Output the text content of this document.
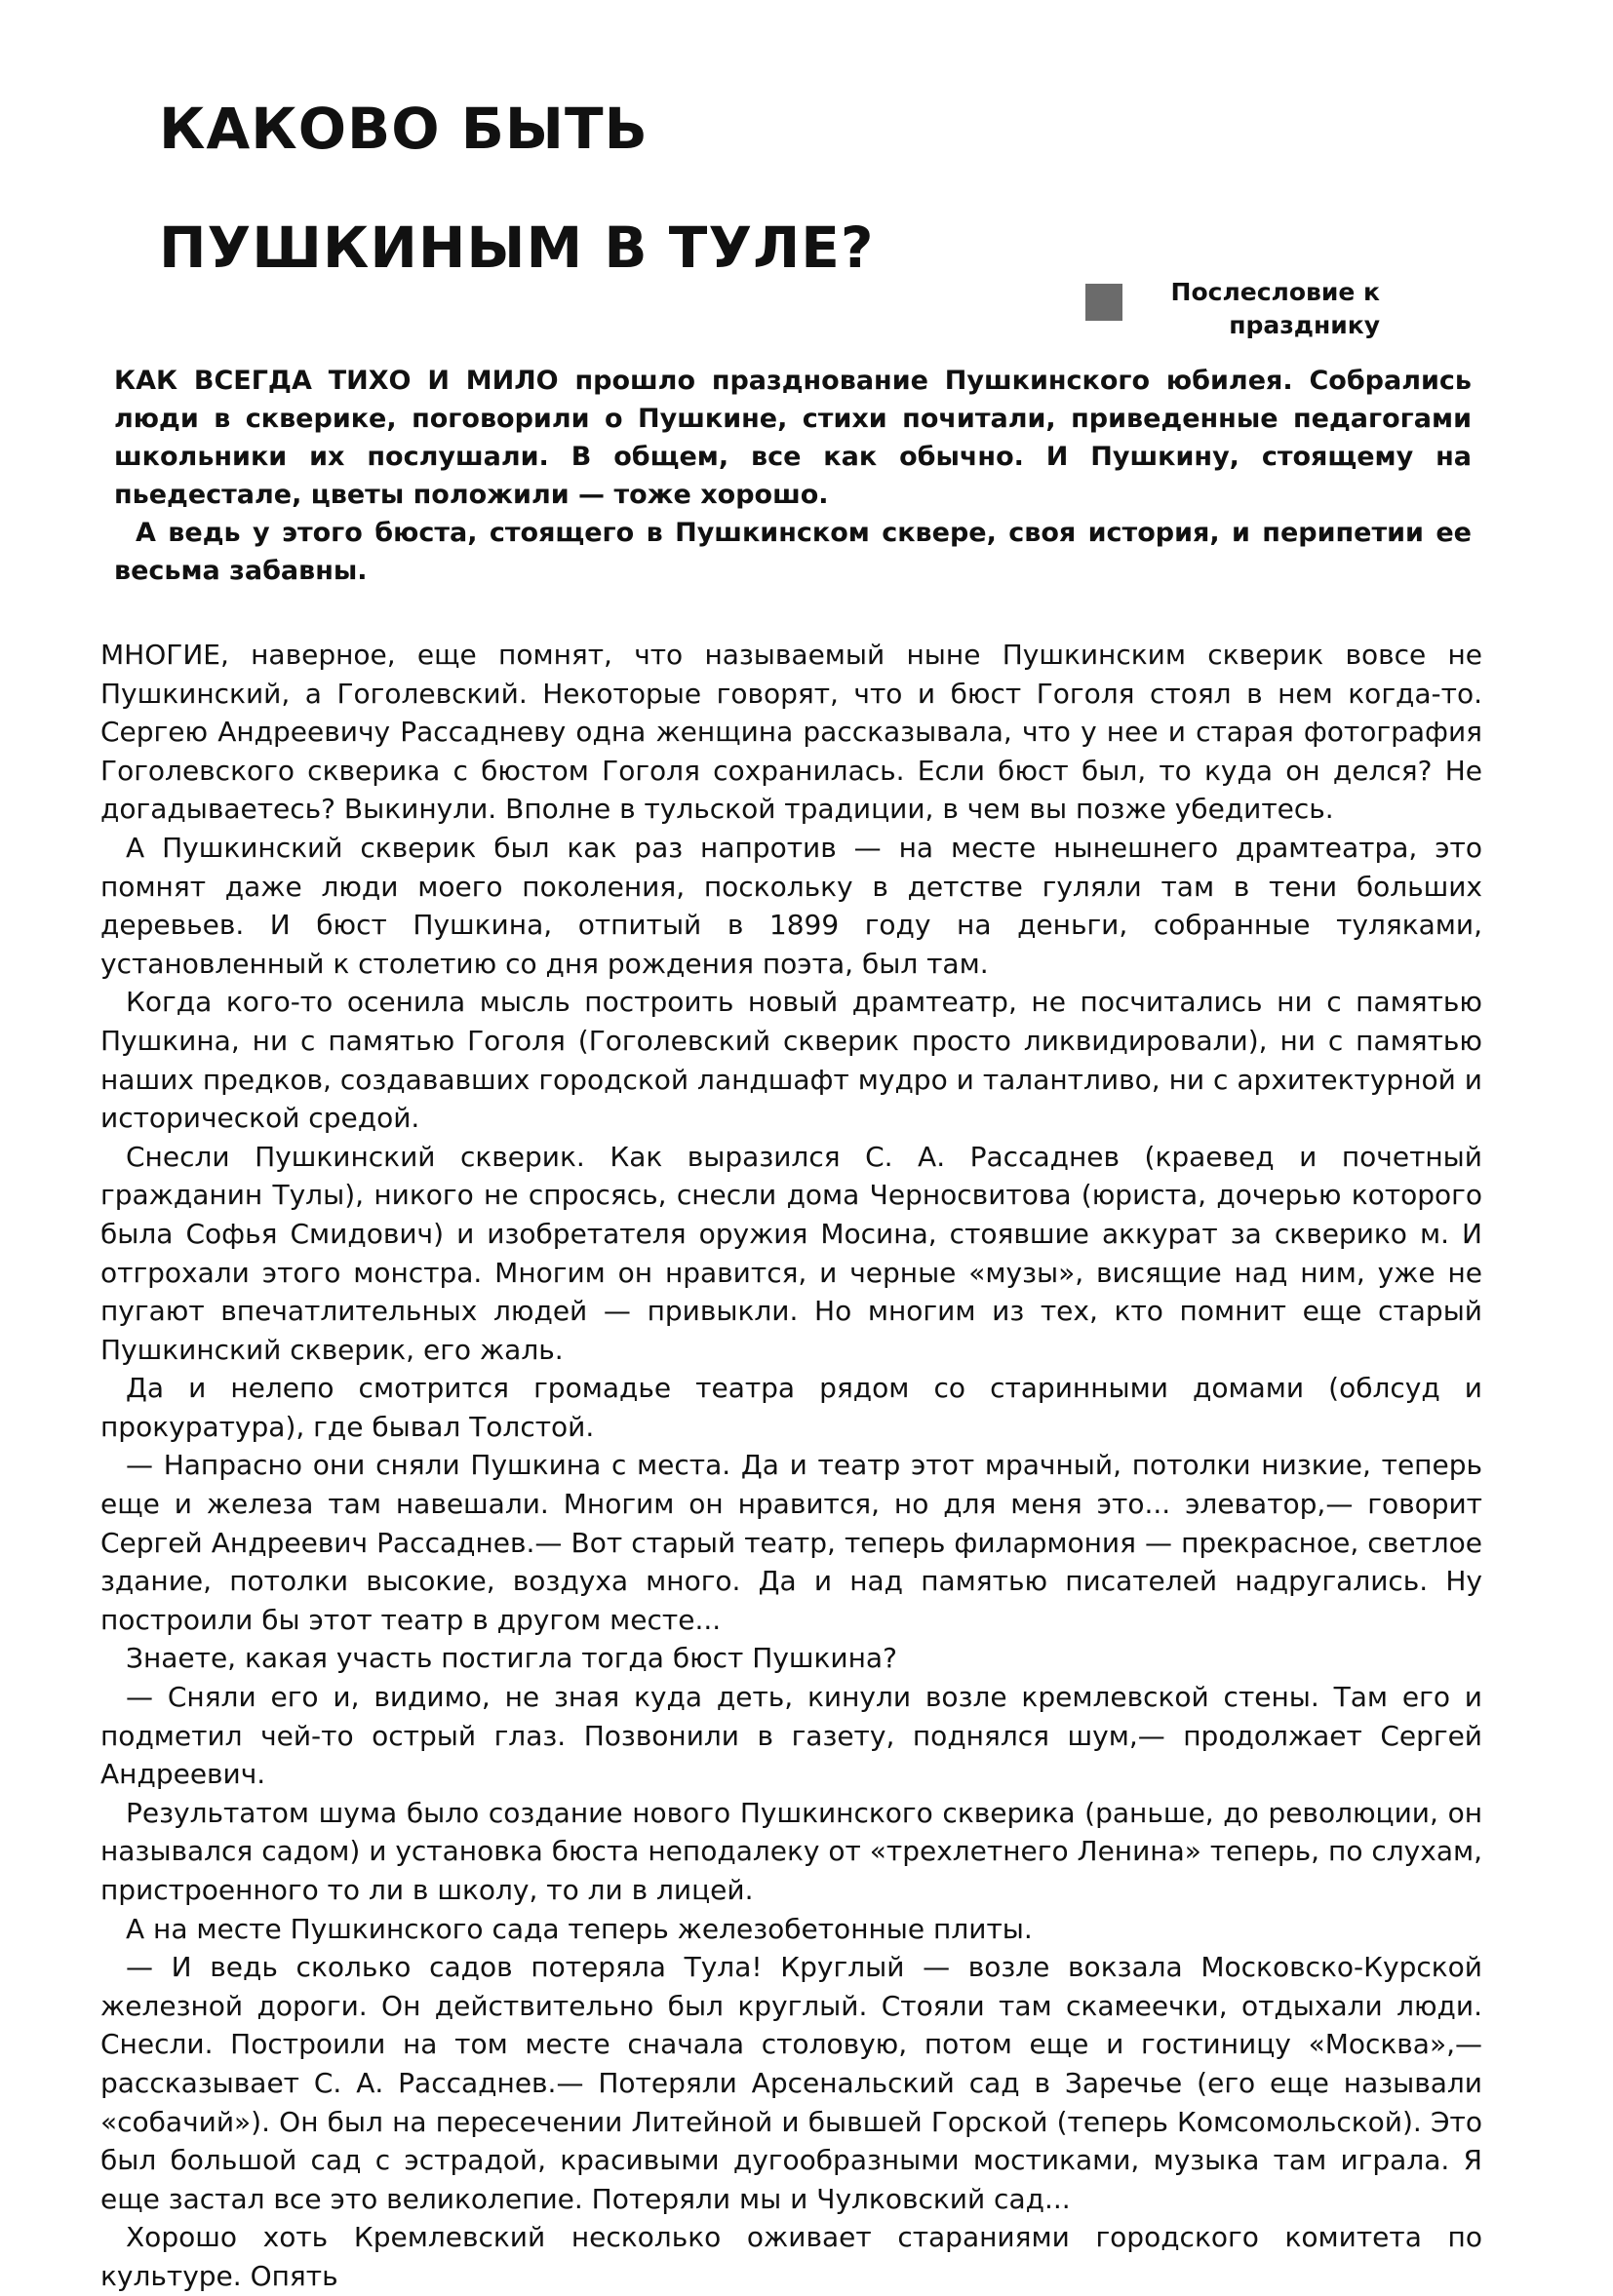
КАКОВО БЫТЬ
ПУШКИНЫМ В ТУЛЕ?
Послесловие к празднику

КАК ВСЕГДА ТИХО И МИЛО прошло празднование Пушкинского юбилея. Собрались люди в скверике, поговорили о Пушкине, стихи почитали, приведенные педагогами школьники их послушали. В общем, все как обычно. И Пушкину, стоящему на пьедестале, цветы положили — тоже хорошо.

А ведь у этого бюста, стоящего в Пушкинском сквере, своя история, и перипетии ее весьма забавны.

МНОГИЕ, наверное, еще помнят, что называемый ныне Пушкинским скверик вовсе не Пушкинский, а Гоголевский. Некоторые говорят, что и бюст Гоголя стоял в нем когда-то. Сергею Андреевичу Рассадневу одна женщина рассказывала, что у нее и старая фотография Гоголевского скверика с бюстом Гоголя сохранилась. Если бюст был, то куда он делся? Не догадываетесь? Выкинули. Вполне в тульской традиции, в чем вы позже убедитесь.

А Пушкинский скверик был как раз напротив — на месте нынешнего драмтеатра, это помнят даже люди моего поколения, поскольку в детстве гуляли там в тени больших деревьев. И бюст Пушкина, отпитый в 1899 году на деньги, собранные туляками, установленный к столетию со дня рождения поэта, был там.

Когда кого-то осенила мысль построить новый драмтеатр, не посчитались ни с памятью Пушкина, ни с памятью Гоголя (Гоголевский скверик просто ликвидировали), ни с памятью наших предков, создававших городской ландшафт мудро и талантливо, ни с архитектурной и исторической средой.

Снесли Пушкинский скверик. Как выразился С. А. Рассаднев (краевед и почетный гражданин Тулы), никого не спросясь, снесли дома Черносвитова (юриста, дочерью которого была Софья Смидович) и изобретателя оружия Мосина, стоявшие аккурат за скверико м. И отгрохали этого монстра. Многим он нравится, и черные «музы», висящие над ним, уже не пугают впечатлительных людей — привыкли. Но многим из тех, кто помнит еще старый Пушкинский скверик, его жаль.

Да и нелепо смотрится громадье театра рядом со старинными домами (облсуд и прокуратура), где бывал Толстой.

— Напрасно они сняли Пушкина с места. Да и театр этот мрачный, потолки низкие, теперь еще и железа там навешали. Многим он нравится, но для меня это... элеватор,— говорит Сергей Андреевич Рассаднев.— Вот старый театр, теперь филармония — прекрасное, светлое здание, потолки высокие, воздуха много. Да и над памятью писателей надругались. Ну построили бы этот театр в другом месте...

Знаете, какая участь постигла тогда бюст Пушкина?

— Сняли его и, видимо, не зная куда деть, кинули возле кремлевской стены. Там его и подметил чей-то острый глаз. Позвонили в газету, поднялся шум,— продолжает Сергей Андреевич.

Результатом шума было создание нового Пушкинского скверика (раньше, до революции, он назывался садом) и установка бюста неподалеку от «трехлетнего Ленина» теперь, по слухам, пристроенного то ли в школу, то ли в лицей.

А на месте Пушкинского сада теперь железобетонные плиты.

— И ведь сколько садов потеряла Тула! Круглый — возле вокзала Московско-Курской железной дороги. Он действительно был круглый. Стояли там скамеечки, отдыхали люди. Снесли. Построили на том месте сначала столовую, потом еще и гостиницу «Москва»,— рассказывает С. А. Рассаднев.— Потеряли Арсенальский сад в Заречье (его еще называли «собачий»). Он был на пересечении Литейной и бывшей Горской (теперь Комсомольской). Это был большой сад с эстрадой, красивыми дугообразными мостиками, музыка там играла. Я еще застал все это великолепие. Потеряли мы и Чулковский сад...

Хорошо хоть Кремлевский несколько оживает стараниями городского комитета по культуре. Опять
